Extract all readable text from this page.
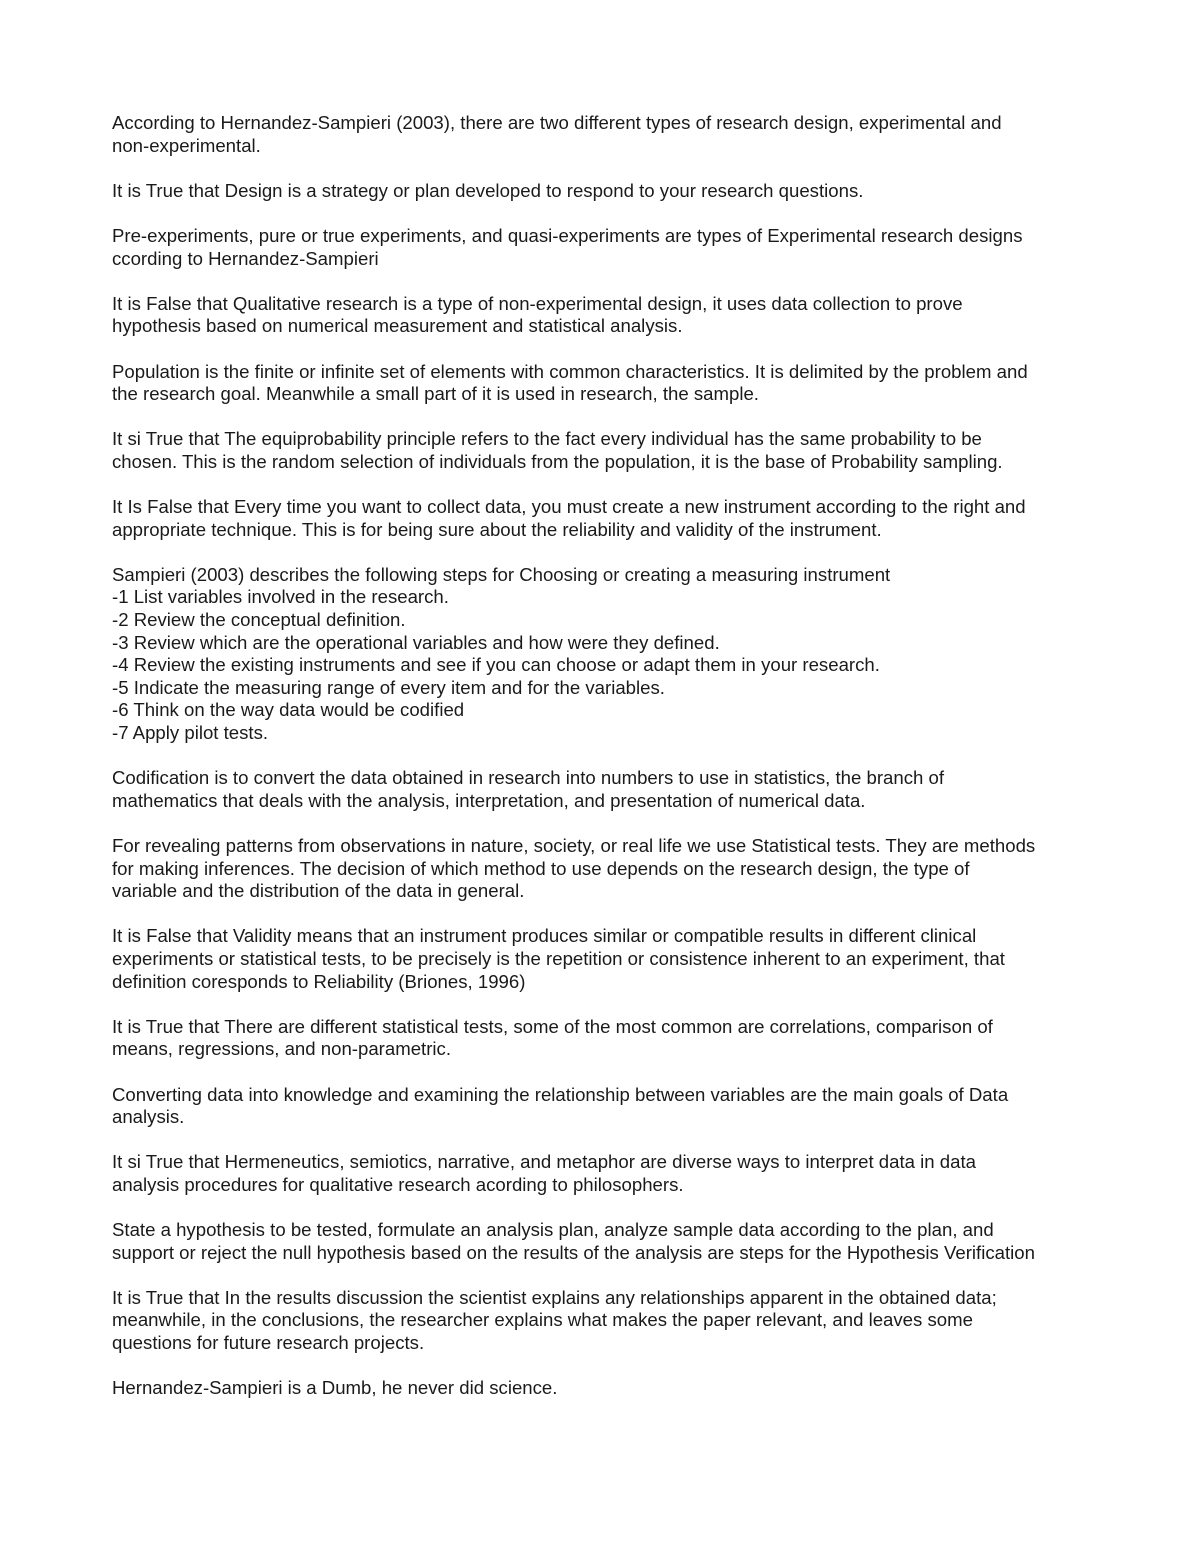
According to Hernandez-Sampieri (2003), there are two different types of research design, experimental and
non-experimental.
It is True that Design is a strategy or plan developed to respond to your research questions.
Pre-experiments, pure or true experiments, and quasi-experiments are types of Experimental research designs
ccording to Hernandez-Sampieri
It is False that Qualitative research is a type of non-experimental design, it uses data collection to prove
hypothesis based on numerical measurement and statistical analysis.
Population is the finite or infinite set of elements with common characteristics. It is delimited by the problem and
the research goal. Meanwhile a small part of it is used in research, the sample.
It si True that The equiprobability principle refers to the fact every individual has the same probability to be
chosen. This is the random selection of individuals from the population, it is the base of Probability sampling.
It Is False that Every time you want to collect data, you must create a new instrument according to the right and
appropriate technique. This is for being sure about the reliability and validity of the instrument.
Sampieri (2003) describes the following steps for Choosing or creating a measuring instrument
-1 List variables involved in the research.
-2 Review the conceptual definition.
-3 Review which are the operational variables and how were they defined.
-4 Review the existing instruments and see if you can choose or adapt them in your research.
-5 Indicate the measuring range of every item and for the variables.
-6 Think on the way data would be codified
-7 Apply pilot tests.
Codification is to convert the data obtained in research into numbers to use in statistics, the branch of
mathematics that deals with the analysis, interpretation, and presentation of numerical data.
For revealing patterns from observations in nature, society, or real life we use Statistical tests. They are methods
for making inferences. The decision of which method to use depends on the research design, the type of
variable and the distribution of the data in general.
It is False that Validity means that an instrument produces similar or compatible results in different clinical
experiments or statistical tests, to be precisely is the repetition or consistence inherent to an experiment, that
definition coresponds to Reliability (Briones, 1996)
It is True that There are different statistical tests, some of the most common are correlations, comparison of
means, regressions, and non-parametric.
Converting data into knowledge and examining the relationship between variables are the main goals of Data
analysis.
It si True that Hermeneutics, semiotics, narrative, and metaphor are diverse ways to interpret data in data
analysis procedures for qualitative research acording to philosophers.
State a hypothesis to be tested, formulate an analysis plan, analyze sample data according to the plan, and
support or reject the null hypothesis based on the results of the analysis are steps for the Hypothesis Verification
It is True that In the results discussion the scientist explains any relationships apparent in the obtained data;
meanwhile, in the conclusions, the researcher explains what makes the paper relevant, and leaves some
questions for future research projects.
Hernandez-Sampieri is a Dumb, he never did science.
